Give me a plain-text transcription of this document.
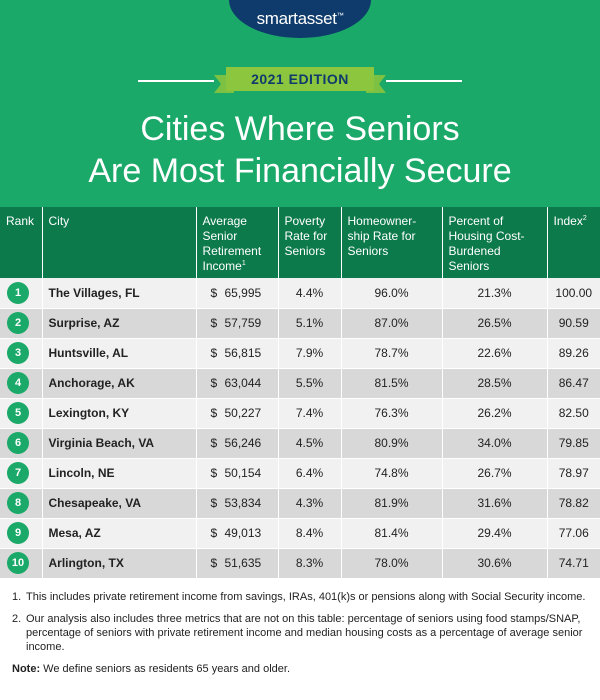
smartasset™
2021 EDITION
Cities Where Seniors
Are Most Financially Secure
Rank	City	Average Senior Retirement Income$^1$	Poverty Rate for Seniors	Homeowner-ship Rate for Seniors	Percent of Housing Cost-Burdened Seniors	Index$^2$
1	The Villages, FL	$ 65,995	4.4%	96.0%	21.3%	100.00
2	Surprise, AZ	$ 57,759	5.1%	87.0%	26.5%	90.59
3	Huntsville, AL	$ 56,815	7.9%	78.7%	22.6%	89.26
4	Anchorage, AK	$ 63,044	5.5%	81.5%	28.5%	86.47
5	Lexington, KY	$ 50,227	7.4%	76.3%	26.2%	82.50
6	Virginia Beach, VA	$ 56,246	4.5%	80.9%	34.0%	79.85
7	Lincoln, NE	$ 50,154	6.4%	74.8%	26.7%	78.97
8	Chesapeake, VA	$ 53,834	4.3%	81.9%	31.6%	78.82
9	Mesa, AZ	$ 49,013	8.4%	81.4%	29.4%	77.06
10	Arlington, TX	$ 51,635	8.3%	78.0%	30.6%	74.71
1. This includes private retirement income from savings, IRAs, 401(k)s or pensions along with Social Security income.
2. Our analysis also includes three metrics that are not on this table: percentage of seniors using food stamps/SNAP, percentage of seniors with private retirement income and median housing costs as a percentage of average senior income.
Note: We define seniors as residents 65 years and older.
